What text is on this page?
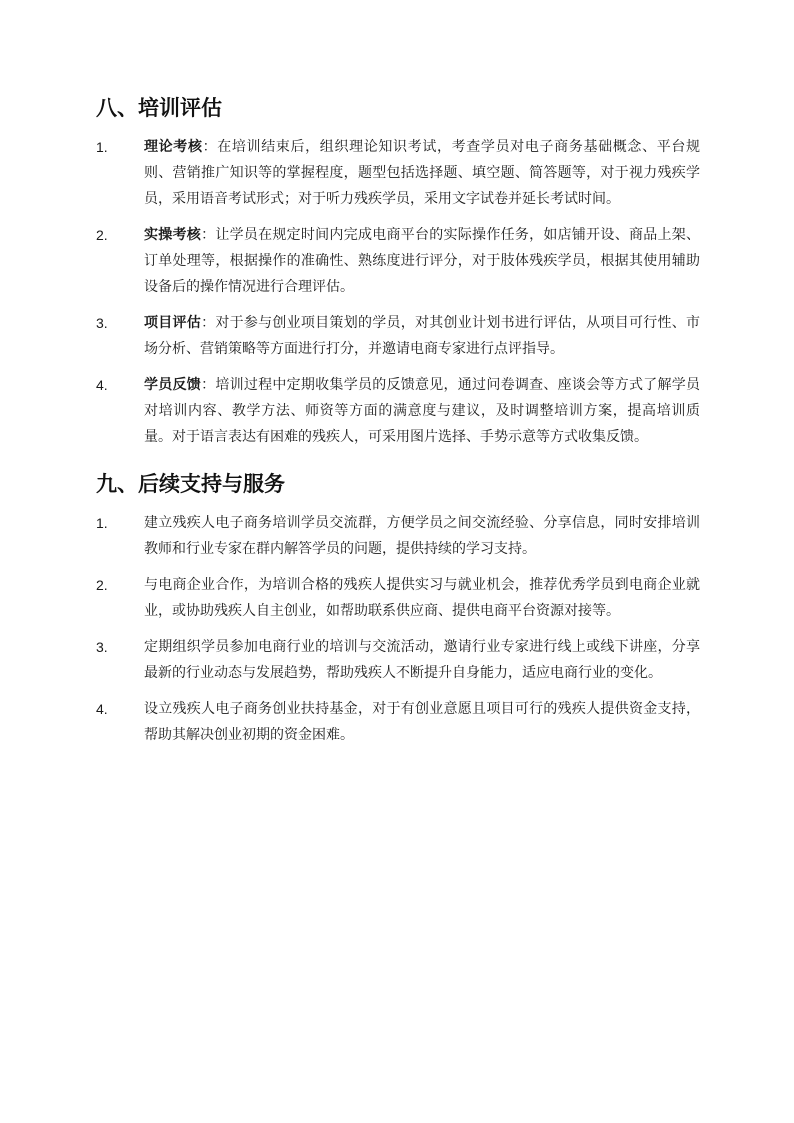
八、培训评估
1.	理论考核：在培训结束后，组织理论知识考试，考查学员对电子商务基础概念、平台规则、营销推广知识等的掌握程度，题型包括选择题、填空题、简答题等，对于视力残疾学员，采用语音考试形式；对于听力残疾学员，采用文字试卷并延长考试时间。
2.	实操考核：让学员在规定时间内完成电商平台的实际操作任务，如店铺开设、商品上架、订单处理等，根据操作的准确性、熟练度进行评分，对于肢体残疾学员，根据其使用辅助设备后的操作情况进行合理评估。
3.	项目评估：对于参与创业项目策划的学员，对其创业计划书进行评估，从项目可行性、市场分析、营销策略等方面进行打分，并邀请电商专家进行点评指导。
4.	学员反馈：培训过程中定期收集学员的反馈意见，通过问卷调查、座谈会等方式了解学员对培训内容、教学方法、师资等方面的满意度与建议，及时调整培训方案，提高培训质量。对于语言表达有困难的残疾人，可采用图片选择、手势示意等方式收集反馈。
九、后续支持与服务
1.	建立残疾人电子商务培训学员交流群，方便学员之间交流经验、分享信息，同时安排培训教师和行业专家在群内解答学员的问题，提供持续的学习支持。
2.	与电商企业合作，为培训合格的残疾人提供实习与就业机会，推荐优秀学员到电商企业就业，或协助残疾人自主创业，如帮助联系供应商、提供电商平台资源对接等。
3.	定期组织学员参加电商行业的培训与交流活动，邀请行业专家进行线上或线下讲座，分享最新的行业动态与发展趋势，帮助残疾人不断提升自身能力，适应电商行业的变化。
4.	设立残疾人电子商务创业扶持基金，对于有创业意愿且项目可行的残疾人提供资金支持，帮助其解决创业初期的资金困难。
